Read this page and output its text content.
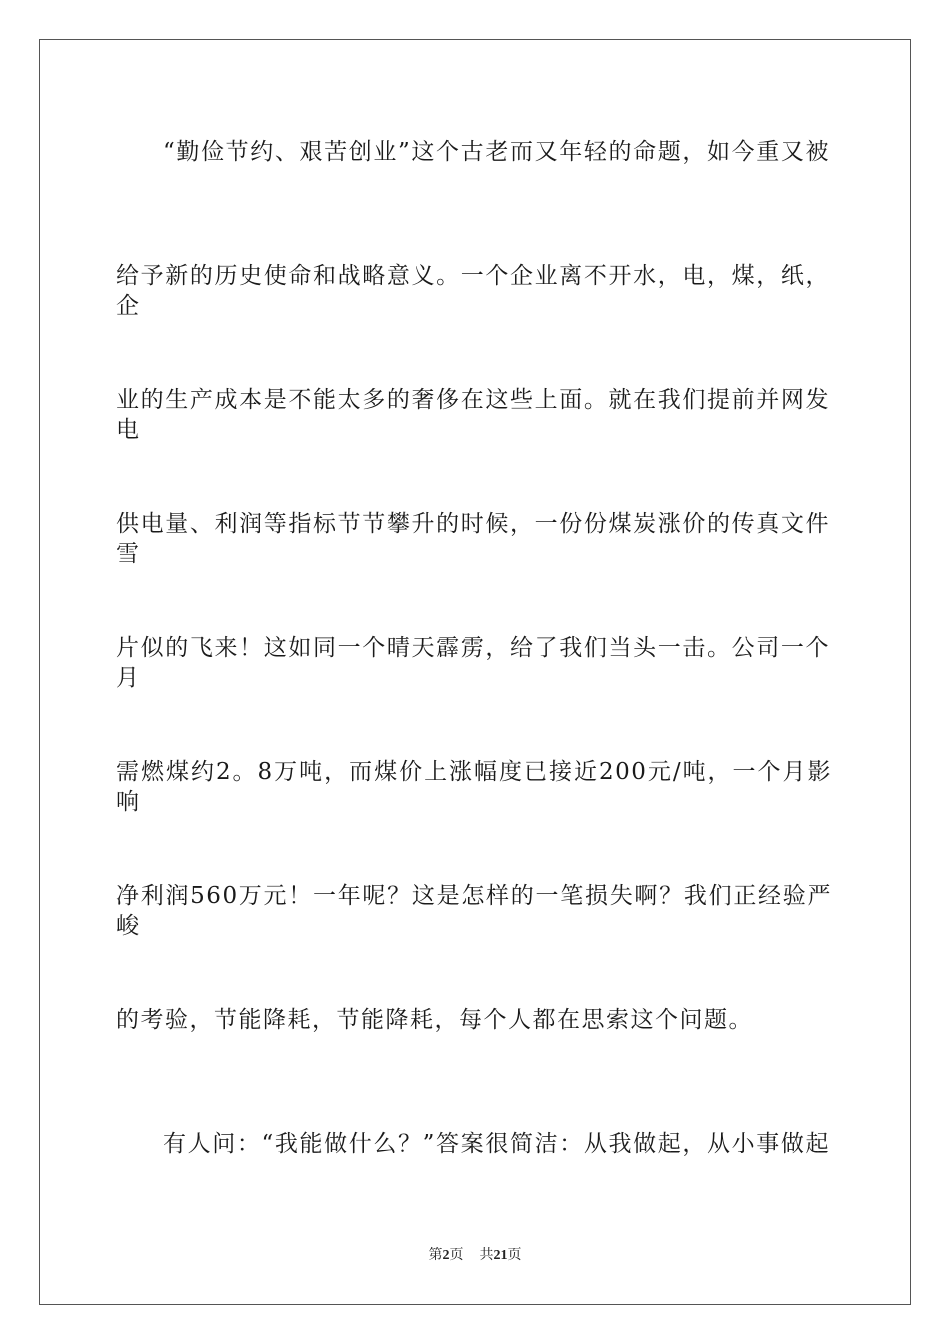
“勤俭节约、艰苦创业”这个古老而又年轻的命题，如今重又被
给予新的历史使命和战略意义。一个企业离不开水，电，煤，纸，企
业的生产成本是不能太多的奢侈在这些上面。就在我们提前并网发电
供电量、利润等指标节节攀升的时候，一份份煤炭涨价的传真文件雪
片似的飞来！这如同一个晴天霹雳，给了我们当头一击。公司一个月
需燃煤约2。8万吨，而煤价上涨幅度已接近200元/吨，一个月影响
净利润560万元！一年呢？这是怎样的一笔损失啊？我们正经验严峻
的考验，节能降耗，节能降耗，每个人都在思索这个问题。
有人问：“我能做什么？”答案很简洁：从我做起，从小事做起
第2页 共21页
